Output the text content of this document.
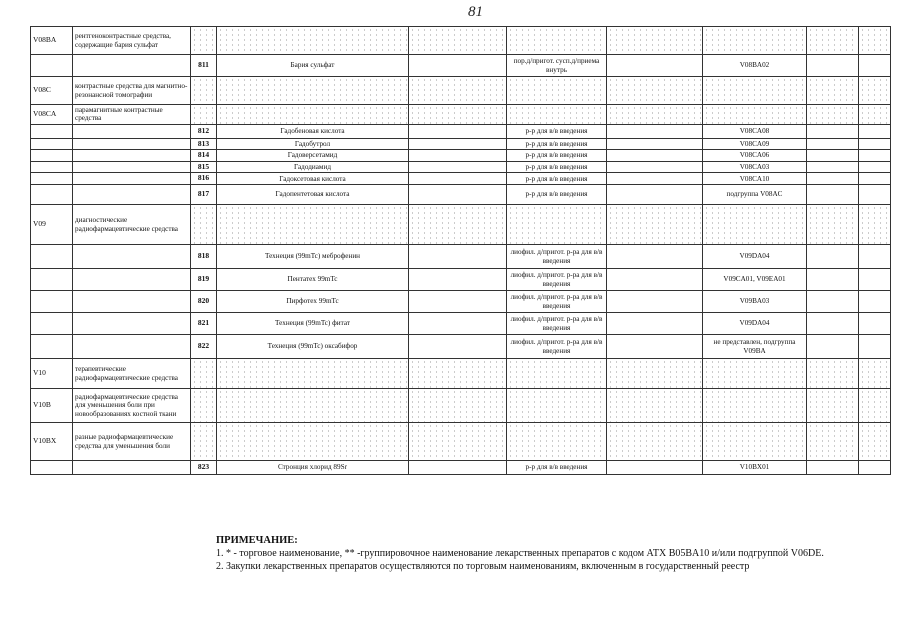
81
V08BA	рентгеноконтрастные средства, содержащие бария сульфат								
		811	Бария сульфат		пор.д/пригот. сусп.д/приема внутрь		V08BA02		
V08C	контрастные средства для магнитно-резонансной томографии								
V08CA	парамагнитные контрастные средства								
		812	Гадобеновая кислота		р-р для в/в введения		V08CA08		
		813	Гадобутрол		р-р для в/в введения		V08CA09		
		814	Гадоверсетамид		р-р для в/в введения		V08CA06		
		815	Гадодиамид		р-р для в/в введения		V08CA03		
		816	Гадоксетовая кислота		р-р для в/в введения		V08CA10		
		817	Гадопентетовая кислота		р-р для в/в введения		подгруппа V08AC		
V09	диагностические радиофармацевтические средства								
		818	Технеция (99mTc) меброфенин		лиофил. д/пригот. р-ра для в/в введения		V09DA04		
		819	Пентатех 99mTc		лиофил. д/пригот. р-ра для в/в введения		V09CA01, V09EA01		
		820	Пирфотех 99mTc		лиофил. д/пригот. р-ра для в/в введения		V09BA03		
		821	Технеция (99mTc) фитат		лиофил. д/пригот. р-ра для в/в введения		V09DA04		
		822	Технеция (99mTc) оксабифор		лиофил. д/пригот. р-ра для в/в введения		не представлен, подгруппа V09BA		
V10	терапевтические радиофармацевтические средства								
V10B	радиофармацевтические средства для уменьшения боли при новообразованиях костной ткани								
V10BX	разные радиофармацевтические средства для уменьшения боли								
		823	Стронция хлорид 89Sr		р-р для в/в введения		V10BX01		
ПРИМЕЧАНИЕ:
1. * - торговое наименование, ** -группировочное наименование лекарственных препаратов с кодом АТХ B05BA10 и/или подгруппой V06DE.
2. Закупки лекарственных препаратов осуществляются по торговым наименованиям, включенным в государственный реестр
